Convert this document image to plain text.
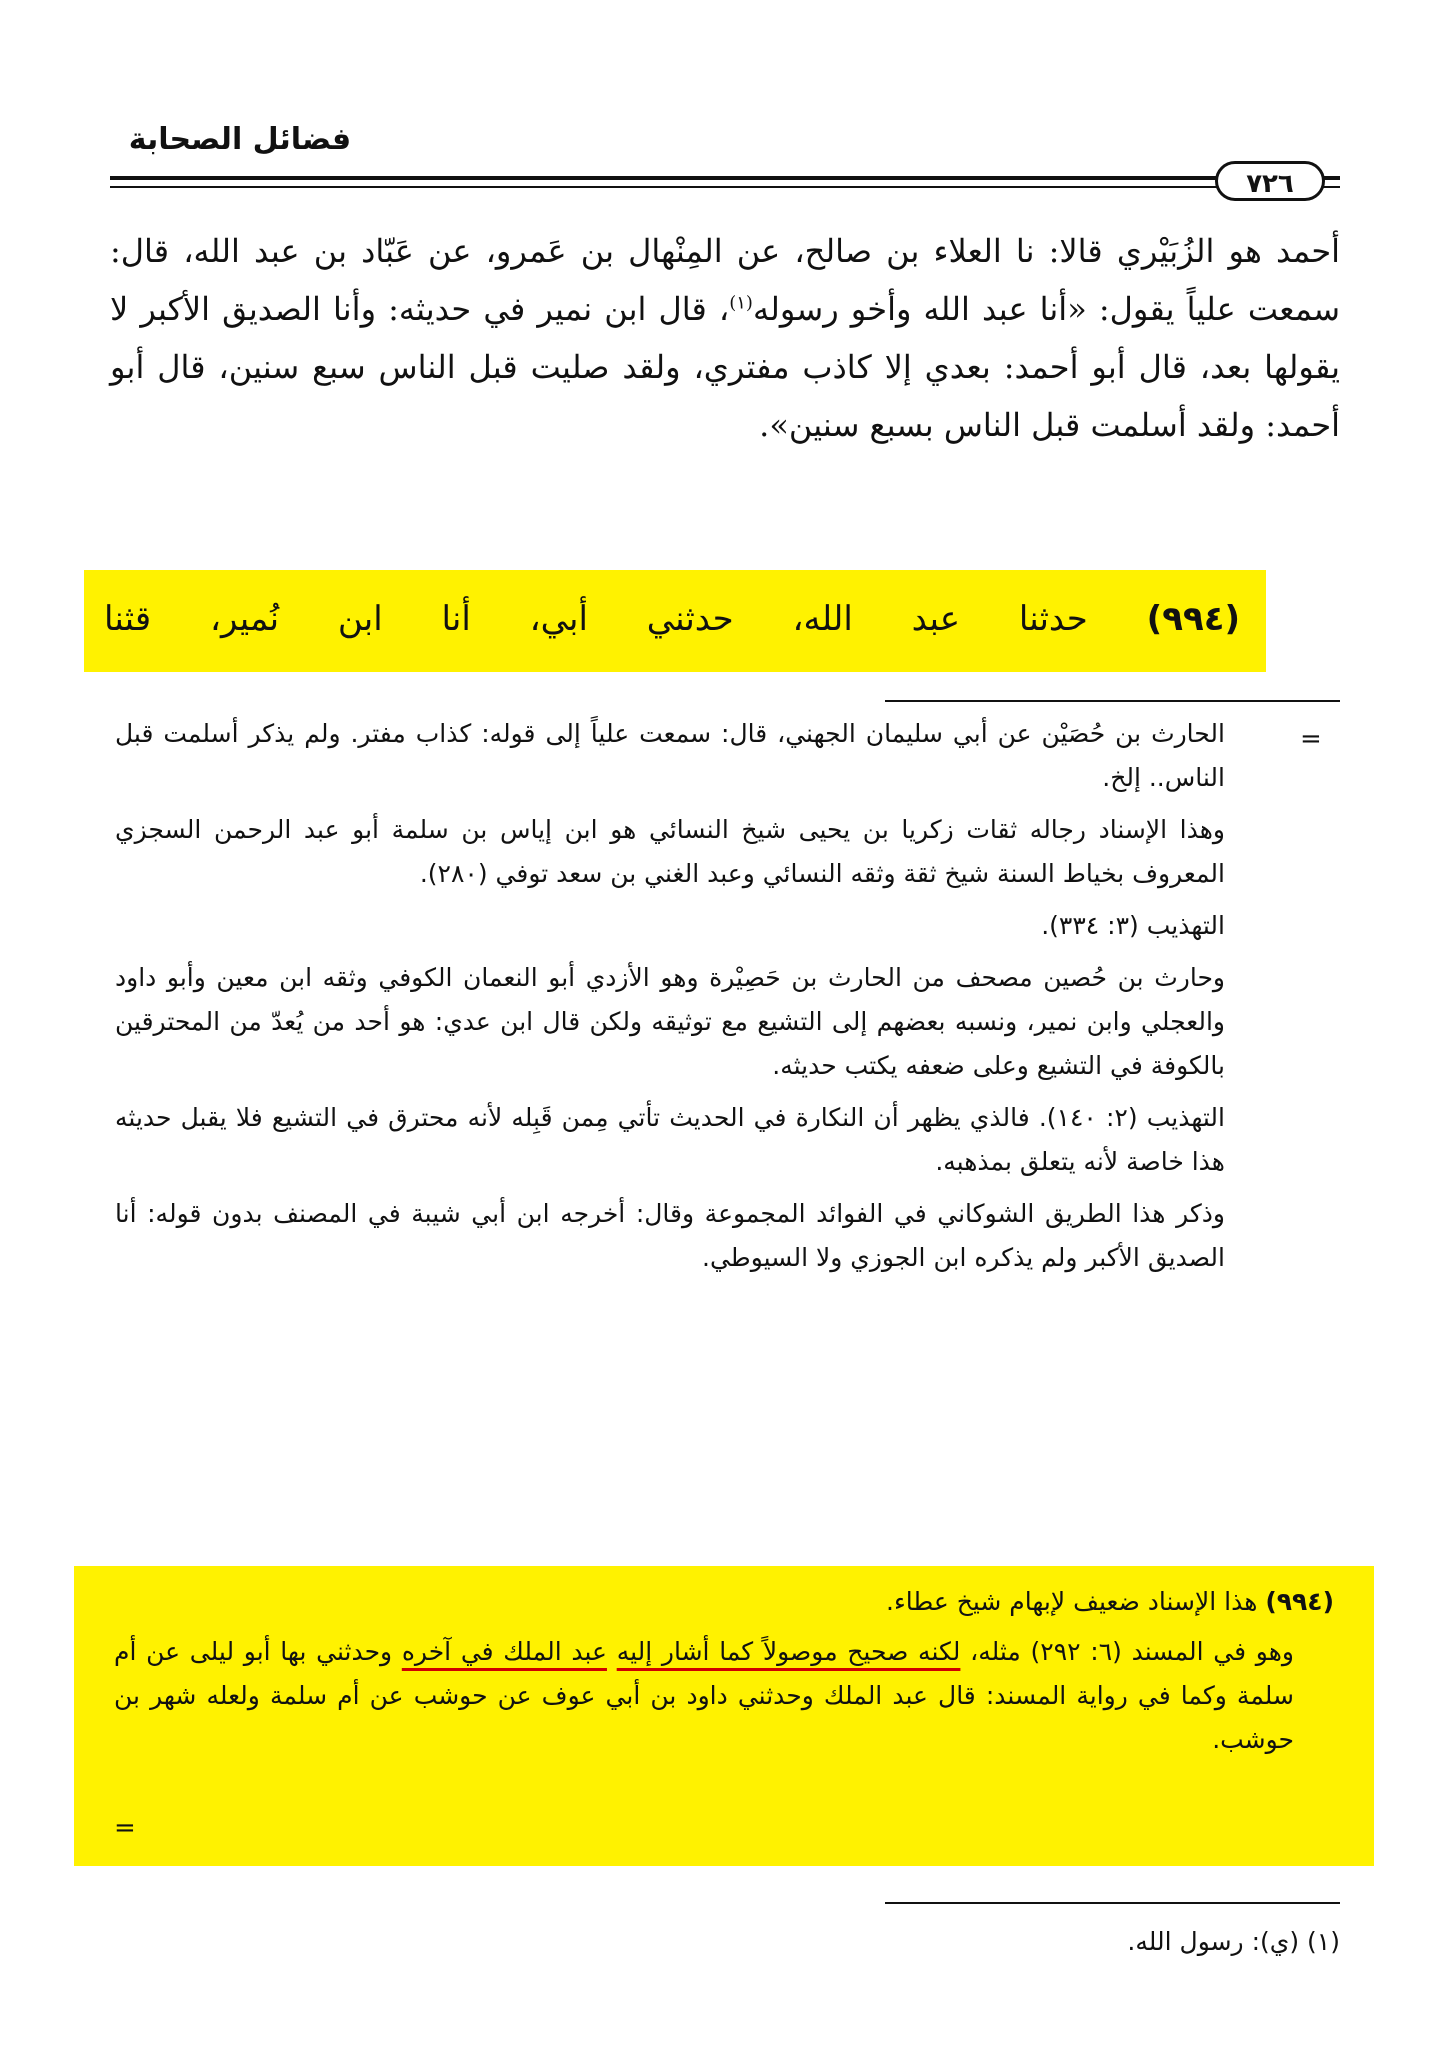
فضائل الصحابة
٧٢٦
أحمد هو الزُبَيْري قالا: نا العلاء بن صالح، عن المِنْهال بن عَمرو، عن عَبّاد بن عبد الله، قال: سمعت علياً يقول: «أنا عبد الله وأخو رسوله$^{(١)}$، قال ابن نمير في حديثه: وأنا الصديق الأكبر لا يقولها بعد، قال أبو أحمد: بعدي إلا كاذب مفتري، ولقد صليت قبل الناس سبع سنين، قال أبو أحمد: ولقد أسلمت قبل الناس بسبع سنين».
(٩٩٤) حدثنا عبد الله، حدثني أبي، أنا ابن نُمير، قثنا
=

الحارث بن حُصَيْن عن أبي سليمان الجهني، قال: سمعت علياً إلى قوله: كذاب مفتر. ولم يذكر أسلمت قبل الناس.. إلخ.

وهذا الإسناد رجاله ثقات زكريا بن يحيى شيخ النسائي هو ابن إياس بن سلمة أبو عبد الرحمن السجزي المعروف بخياط السنة شيخ ثقة وثقه النسائي وعبد الغني بن سعد توفي (٢٨٠).

التهذيب (٣: ٣٣٤).

وحارث بن حُصين مصحف من الحارث بن حَصِيْرة وهو الأزدي أبو النعمان الكوفي وثقه ابن معين وأبو داود والعجلي وابن نمير، ونسبه بعضهم إلى التشيع مع توثيقه ولكن قال ابن عدي: هو أحد من يُعدّ من المحترقين بالكوفة في التشيع وعلى ضعفه يكتب حديثه.

التهذيب (٢: ١٤٠). فالذي يظهر أن النكارة في الحديث تأتي مِمن قَبِله لأنه محترق في التشيع فلا يقبل حديثه هذا خاصة لأنه يتعلق بمذهبه.

وذكر هذا الطريق الشوكاني في الفوائد المجموعة وقال: أخرجه ابن أبي شيبة في المصنف بدون قوله: أنا الصديق الأكبر ولم يذكره ابن الجوزي ولا السيوطي.

(٩٩٤) هذا الإسناد ضعيف لإبهام شيخ عطاء.

وهو في المسند (٦: ٢٩٢) مثله، لكنه صحيح موصولاً كما أشار إليه عبد الملك في آخره وحدثني بها أبو ليلى عن أم سلمة وكما في رواية المسند: قال عبد الملك وحدثني داود بن أبي عوف عن حوشب عن أم سلمة ولعله شهر بن حوشب.

=
(١) (ي): رسول الله.
